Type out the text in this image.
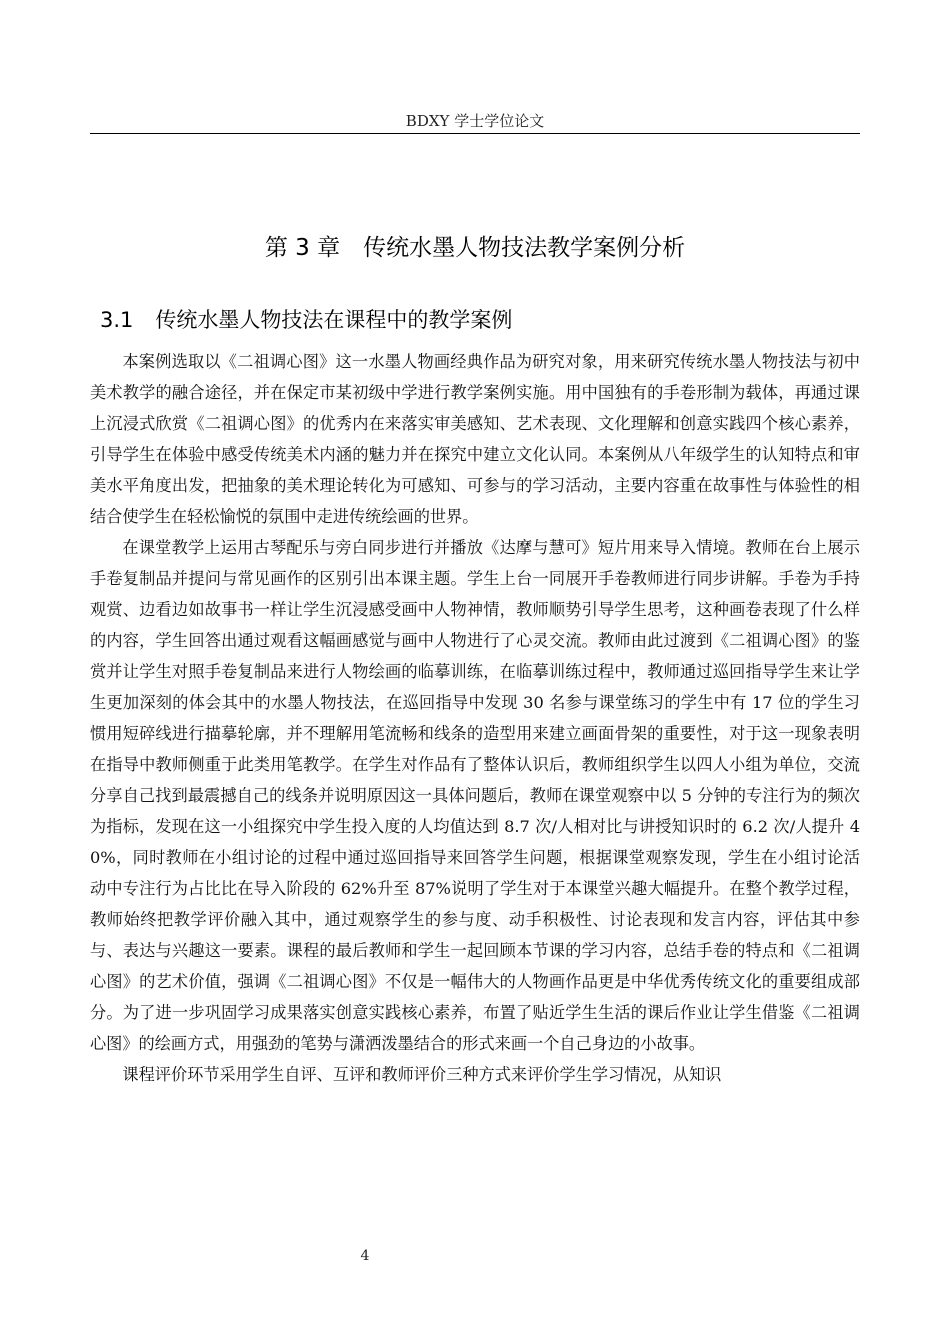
BDXY 学士学位论文
第 3 章　传统水墨人物技法教学案例分析
3.1 传统水墨人物技法在课程中的教学案例

本案例选取以《二祖调心图》这一水墨人物画经典作品为研究对象，用来研究传统水墨人物技法与初中美术教学的融合途径，并在保定市某初级中学进行教学案例实施。用中国独有的手卷形制为载体，再通过课上沉浸式欣赏《二祖调心图》的优秀内在来落实审美感知、艺术表现、文化理解和创意实践四个核心素养，引导学生在体验中感受传统美术内涵的魅力并在探究中建立文化认同。本案例从八年级学生的认知特点和审美水平角度出发，把抽象的美术理论转化为可感知、可参与的学习活动，主要内容重在故事性与体验性的相结合使学生在轻松愉悦的氛围中走进传统绘画的世界。

在课堂教学上运用古琴配乐与旁白同步进行并播放《达摩与慧可》短片用来导入情境。教师在台上展示手卷复制品并提问与常见画作的区别引出本课主题。学生上台一同展开手卷教师进行同步讲解。手卷为手持观赏、边看边如故事书一样让学生沉浸感受画中人物神情，教师顺势引导学生思考，这种画卷表现了什么样的内容，学生回答出通过观看这幅画感觉与画中人物进行了心灵交流。教师由此过渡到《二祖调心图》的鉴赏并让学生对照手卷复制品来进行人物绘画的临摹训练，在临摹训练过程中，教师通过巡回指导学生来让学生更加深刻的体会其中的水墨人物技法，在巡回指导中发现 30 名参与课堂练习的学生中有 17 位的学生习惯用短碎线进行描摹轮廓，并不理解用笔流畅和线条的造型用来建立画面骨架的重要性，对于这一现象表明在指导中教师侧重于此类用笔教学。在学生对作品有了整体认识后，教师组织学生以四人小组为单位，交流分享自己找到最震撼自己的线条并说明原因这一具体问题后，教师在课堂观察中以 5 分钟的专注行为的频次为指标，发现在这一小组探究中学生投入度的人均值达到 8.7 次/人相对比与讲授知识时的 6.2 次/人提升 40%，同时教师在小组讨论的过程中通过巡回指导来回答学生问题，根据课堂观察发现，学生在小组讨论活动中专注行为占比比在导入阶段的 62%升至 87%说明了学生对于本课堂兴趣大幅提升。在整个教学过程，教师始终把教学评价融入其中，通过观察学生的参与度、动手积极性、讨论表现和发言内容，评估其中参与、表达与兴趣这一要素。课程的最后教师和学生一起回顾本节课的学习内容，总结手卷的特点和《二祖调心图》的艺术价值，强调《二祖调心图》不仅是一幅伟大的人物画作品更是中华优秀传统文化的重要组成部分。为了进一步巩固学习成果落实创意实践核心素养，布置了贴近学生生活的课后作业让学生借鉴《二祖调心图》的绘画方式，用强劲的笔势与潇洒泼墨结合的形式来画一个自己身边的小故事。

课程评价环节采用学生自评、互评和教师评价三种方式来评价学生学习情况，从知识

4
